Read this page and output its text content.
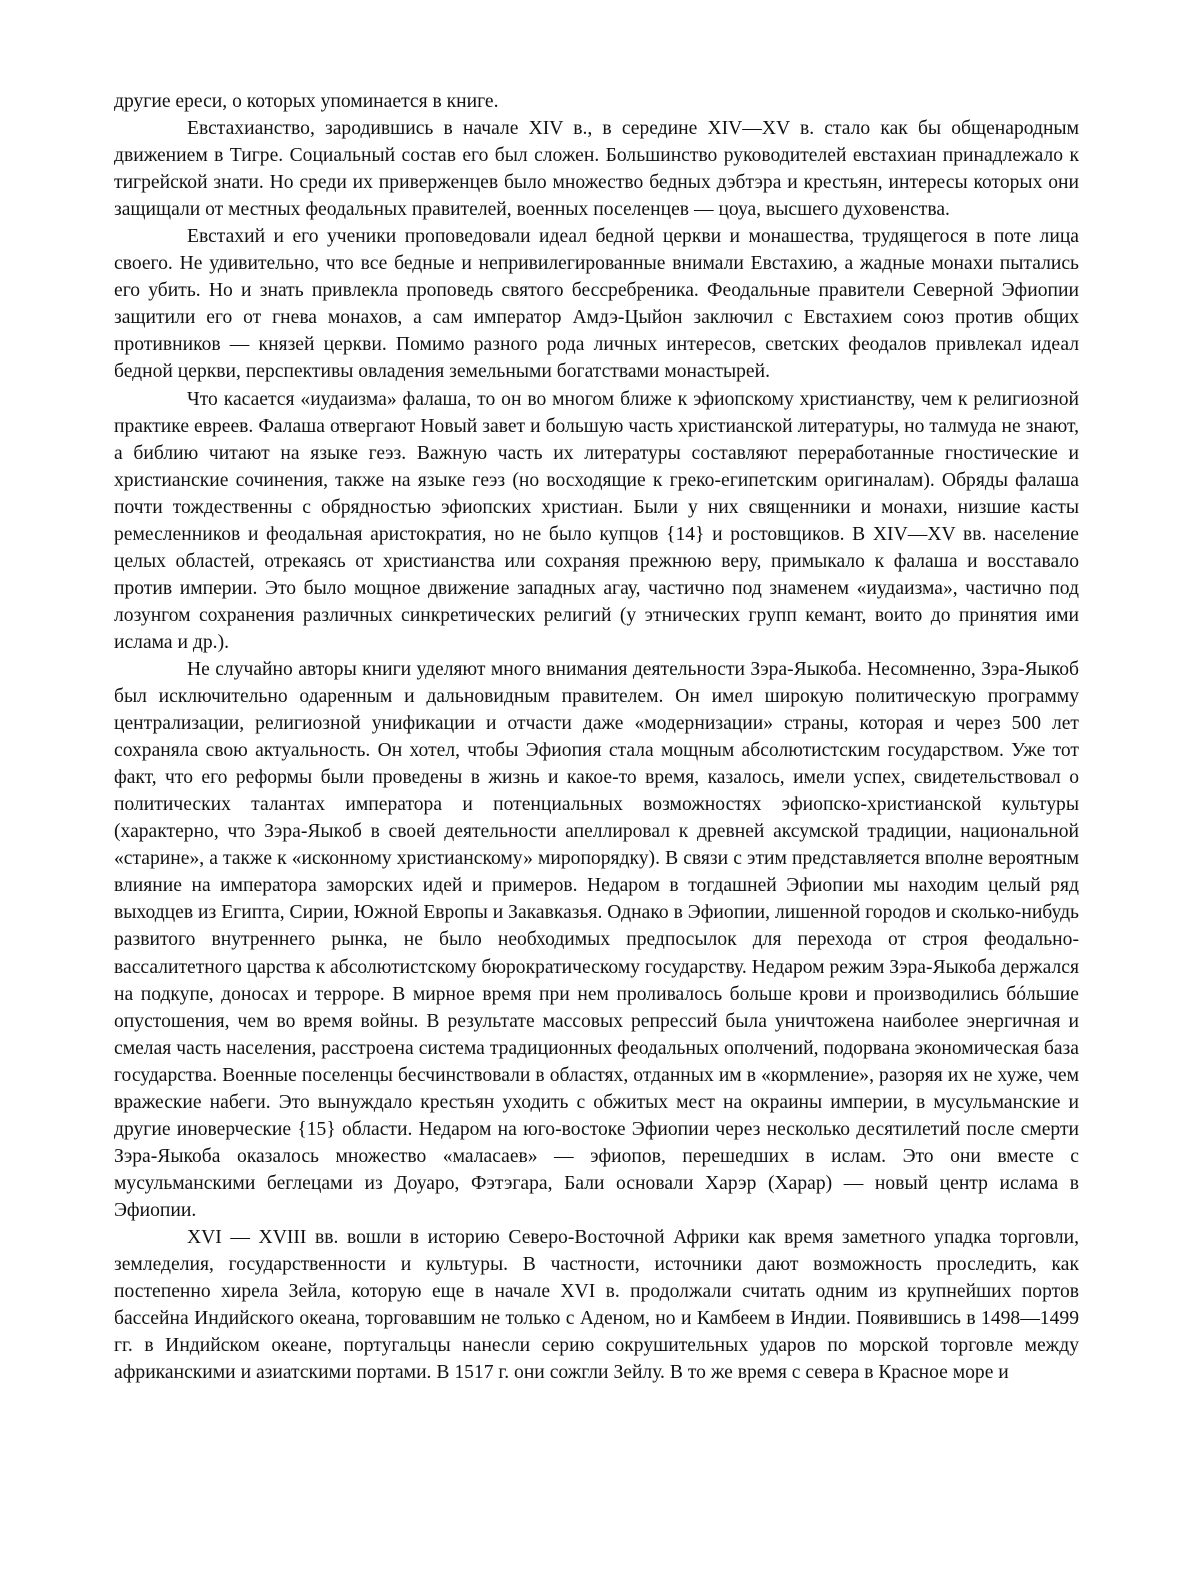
другие ереси, о которых упоминается в книге.

Евстахианство, зародившись в начале XIV в., в середине XIV—XV в. стало как бы общенародным движением в Тигре. Социальный состав его был сложен. Большинство руководителей евстахиан принадлежало к тигрейской знати. Но среди их приверженцев было множество бедных дэбтэра и крестьян, интересы которых они защищали от местных феодальных правителей, военных поселенцев — цоуа, высшего духовенства.

Евстахий и его ученики проповедовали идеал бедной церкви и монашества, трудящегося в поте лица своего. Не удивительно, что все бедные и непривилегированные внимали Евстахию, а жадные монахи пытались его убить. Но и знать привлекла проповедь святого бессребреника. Феодальные правители Северной Эфиопии защитили его от гнева монахов, а сам император Амдэ-Цыйон заключил с Евстахием союз против общих противников — князей церкви. Помимо разного рода личных интересов, светских феодалов привлекал идеал бедной церкви, перспективы овладения земельными богатствами монастырей.

Что касается «иудаизма» фалаша, то он во многом ближе к эфиопскому христианству, чем к религиозной практике евреев. Фалаша отвергают Новый завет и большую часть христианской литературы, но талмуда не знают, а библию читают на языке геэз. Важную часть их литературы составляют переработанные гностические и христианские сочинения, также на языке геэз (но восходящие к греко-египетским оригиналам). Обряды фалаша почти тождественны с обрядностью эфиопских христиан. Были у них священники и монахи, низшие касты ремесленников и феодальная аристократия, но не было купцов {14} и ростовщиков. В XIV—XV вв. население целых областей, отрекаясь от христианства или сохраняя прежнюю веру, примыкало к фалаша и восставало против империи. Это было мощное движение западных агау, частично под знаменем «иудаизма», частично под лозунгом сохранения различных синкретических религий (у этнических групп кемант, воито до принятия ими ислама и др.).

Не случайно авторы книги уделяют много внимания деятельности Зэра-Яыкоба. Несомненно, Зэра-Яыкоб был исключительно одаренным и дальновидным правителем. Он имел широкую политическую программу централизации, религиозной унификации и отчасти даже «модернизации» страны, которая и через 500 лет сохраняла свою актуальность. Он хотел, чтобы Эфиопия стала мощным абсолютистским государством. Уже тот факт, что его реформы были проведены в жизнь и какое-то время, казалось, имели успех, свидетельствовал о политических талантах императора и потенциальных возможностях эфиопско-христианской культуры (характерно, что Зэра-Яыкоб в своей деятельности апеллировал к древней аксумской традиции, национальной «старине», а также к «исконному христианскому» миропорядку). В связи с этим представляется вполне вероятным влияние на императора заморских идей и примеров. Недаром в тогдашней Эфиопии мы находим целый ряд выходцев из Египта, Сирии, Южной Европы и Закавказья. Однако в Эфиопии, лишенной городов и сколько-нибудь развитого внутреннего рынка, не было необходимых предпосылок для перехода от строя феодально-вассалитетного царства к абсолютистскому бюрократическому государству. Недаром режим Зэра-Яыкоба держался на подкупе, доносах и терроре. В мирное время при нем проливалось больше крови и производились бóльшие опустошения, чем во время войны. В результате массовых репрессий была уничтожена наиболее энергичная и смелая часть населения, расстроена система традиционных феодальных ополчений, подорвана экономическая база государства. Военные поселенцы бесчинствовали в областях, отданных им в «кормление», разоряя их не хуже, чем вражеские набеги. Это вынуждало крестьян уходить с обжитых мест на окраины империи, в мусульманские и другие иноверческие {15} области. Недаром на юго-востоке Эфиопии через несколько десятилетий после смерти Зэра-Яыкоба оказалось множество «маласаев» — эфиопов, перешедших в ислам. Это они вместе с мусульманскими беглецами из Доуаро, Фэтэгара, Бали основали Харэр (Харар) — новый центр ислама в Эфиопии.

XVI — XVIII вв. вошли в историю Северо-Восточной Африки как время заметного упадка торговли, земледелия, государственности и культуры. В частности, источники дают возможность проследить, как постепенно хирела Зейла, которую еще в начале XVI в. продолжали считать одним из крупнейших портов бассейна Индийского океана, торговавшим не только с Аденом, но и Камбеем в Индии. Появившись в 1498—1499 гг. в Индийском океане, португальцы нанесли серию сокрушительных ударов по морской торговле между африканскими и азиатскими портами. В 1517 г. они сожгли Зейлу. В то же время с севера в Красное море и
